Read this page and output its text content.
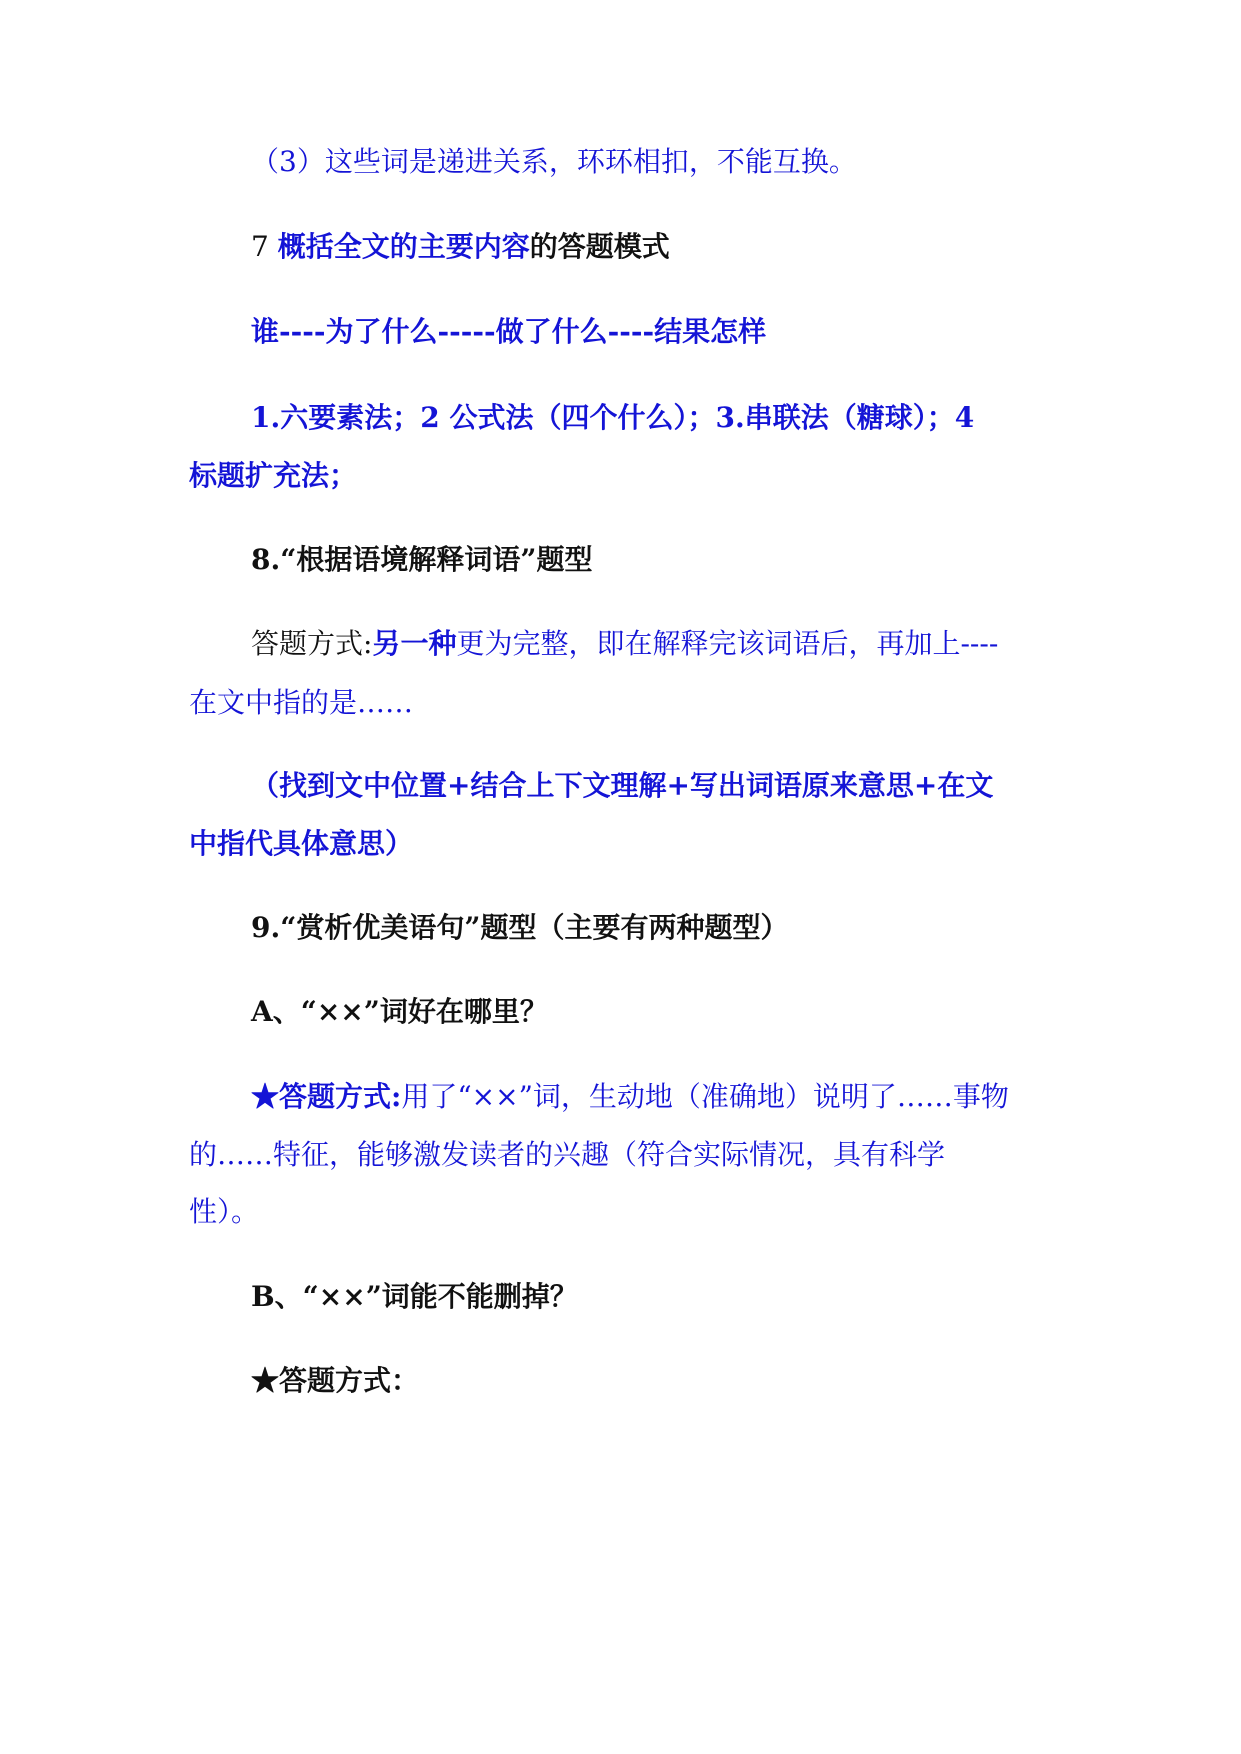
（3）这些词是递进关系，环环相扣，不能互换。
7 概括全文的主要内容的答题模式
谁----为了什么-----做了什么----结果怎样
1.六要素法；2 公式法（四个什么）；3.串联法（糖球）；4
标题扩充法；
8.“根据语境解释词语”题型
答题方式:另一种更为完整，即在解释完该词语后，再加上----
在文中指的是……
（找到文中位置+结合上下文理解+写出词语原来意思+在文
中指代具体意思）
9.“赏析优美语句”题型（主要有两种题型）
A、“××”词好在哪里？
★答题方式:用了“××”词，生动地（准确地）说明了……事物
的……特征，能够激发读者的兴趣（符合实际情况，具有科学
性）。
B、“××”词能不能删掉？
★答题方式：
